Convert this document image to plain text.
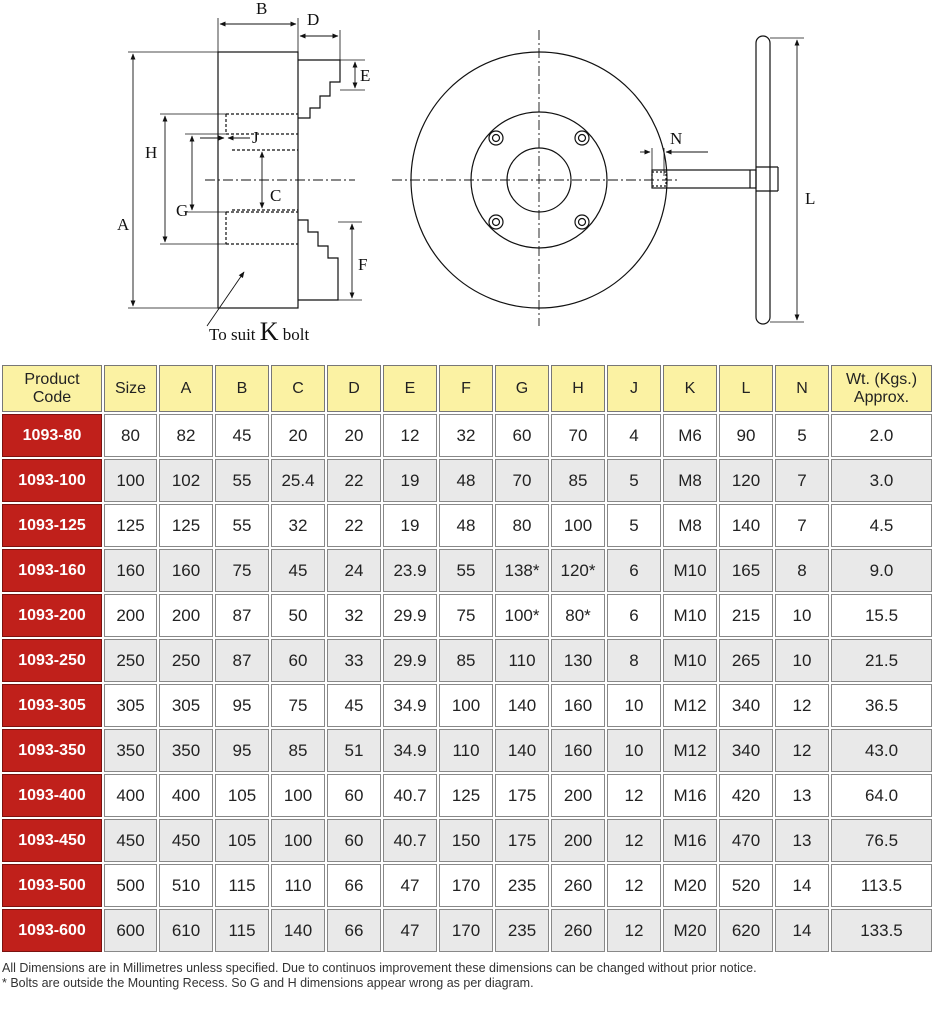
A
B
C
D
E
F
G
H
J
L
N
To suit K bolt
Product
Code	Size	A	B	C	D	E	F	G	H	J	K	L	N	Wt. (Kgs.)
Approx.
1093-80	80	82	45	20	20	12	32	60	70	4	M6	90	5	2.0
1093-100	100	102	55	25.4	22	19	48	70	85	5	M8	120	7	3.0
1093-125	125	125	55	32	22	19	48	80	100	5	M8	140	7	4.5
1093-160	160	160	75	45	24	23.9	55	138*	120*	6	M10	165	8	9.0
1093-200	200	200	87	50	32	29.9	75	100*	80*	6	M10	215	10	15.5
1093-250	250	250	87	60	33	29.9	85	110	130	8	M10	265	10	21.5
1093-305	305	305	95	75	45	34.9	100	140	160	10	M12	340	12	36.5
1093-350	350	350	95	85	51	34.9	110	140	160	10	M12	340	12	43.0
1093-400	400	400	105	100	60	40.7	125	175	200	12	M16	420	13	64.0
1093-450	450	450	105	100	60	40.7	150	175	200	12	M16	470	13	76.5
1093-500	500	510	115	110	66	47	170	235	260	12	M20	520	14	113.5
1093-600	600	610	115	140	66	47	170	235	260	12	M20	620	14	133.5
All Dimensions are in Millimetres unless specified. Due to continuos improvement these dimensions can be changed without prior notice.
* Bolts are outside the Mounting Recess. So G and H dimensions appear wrong as per diagram.
